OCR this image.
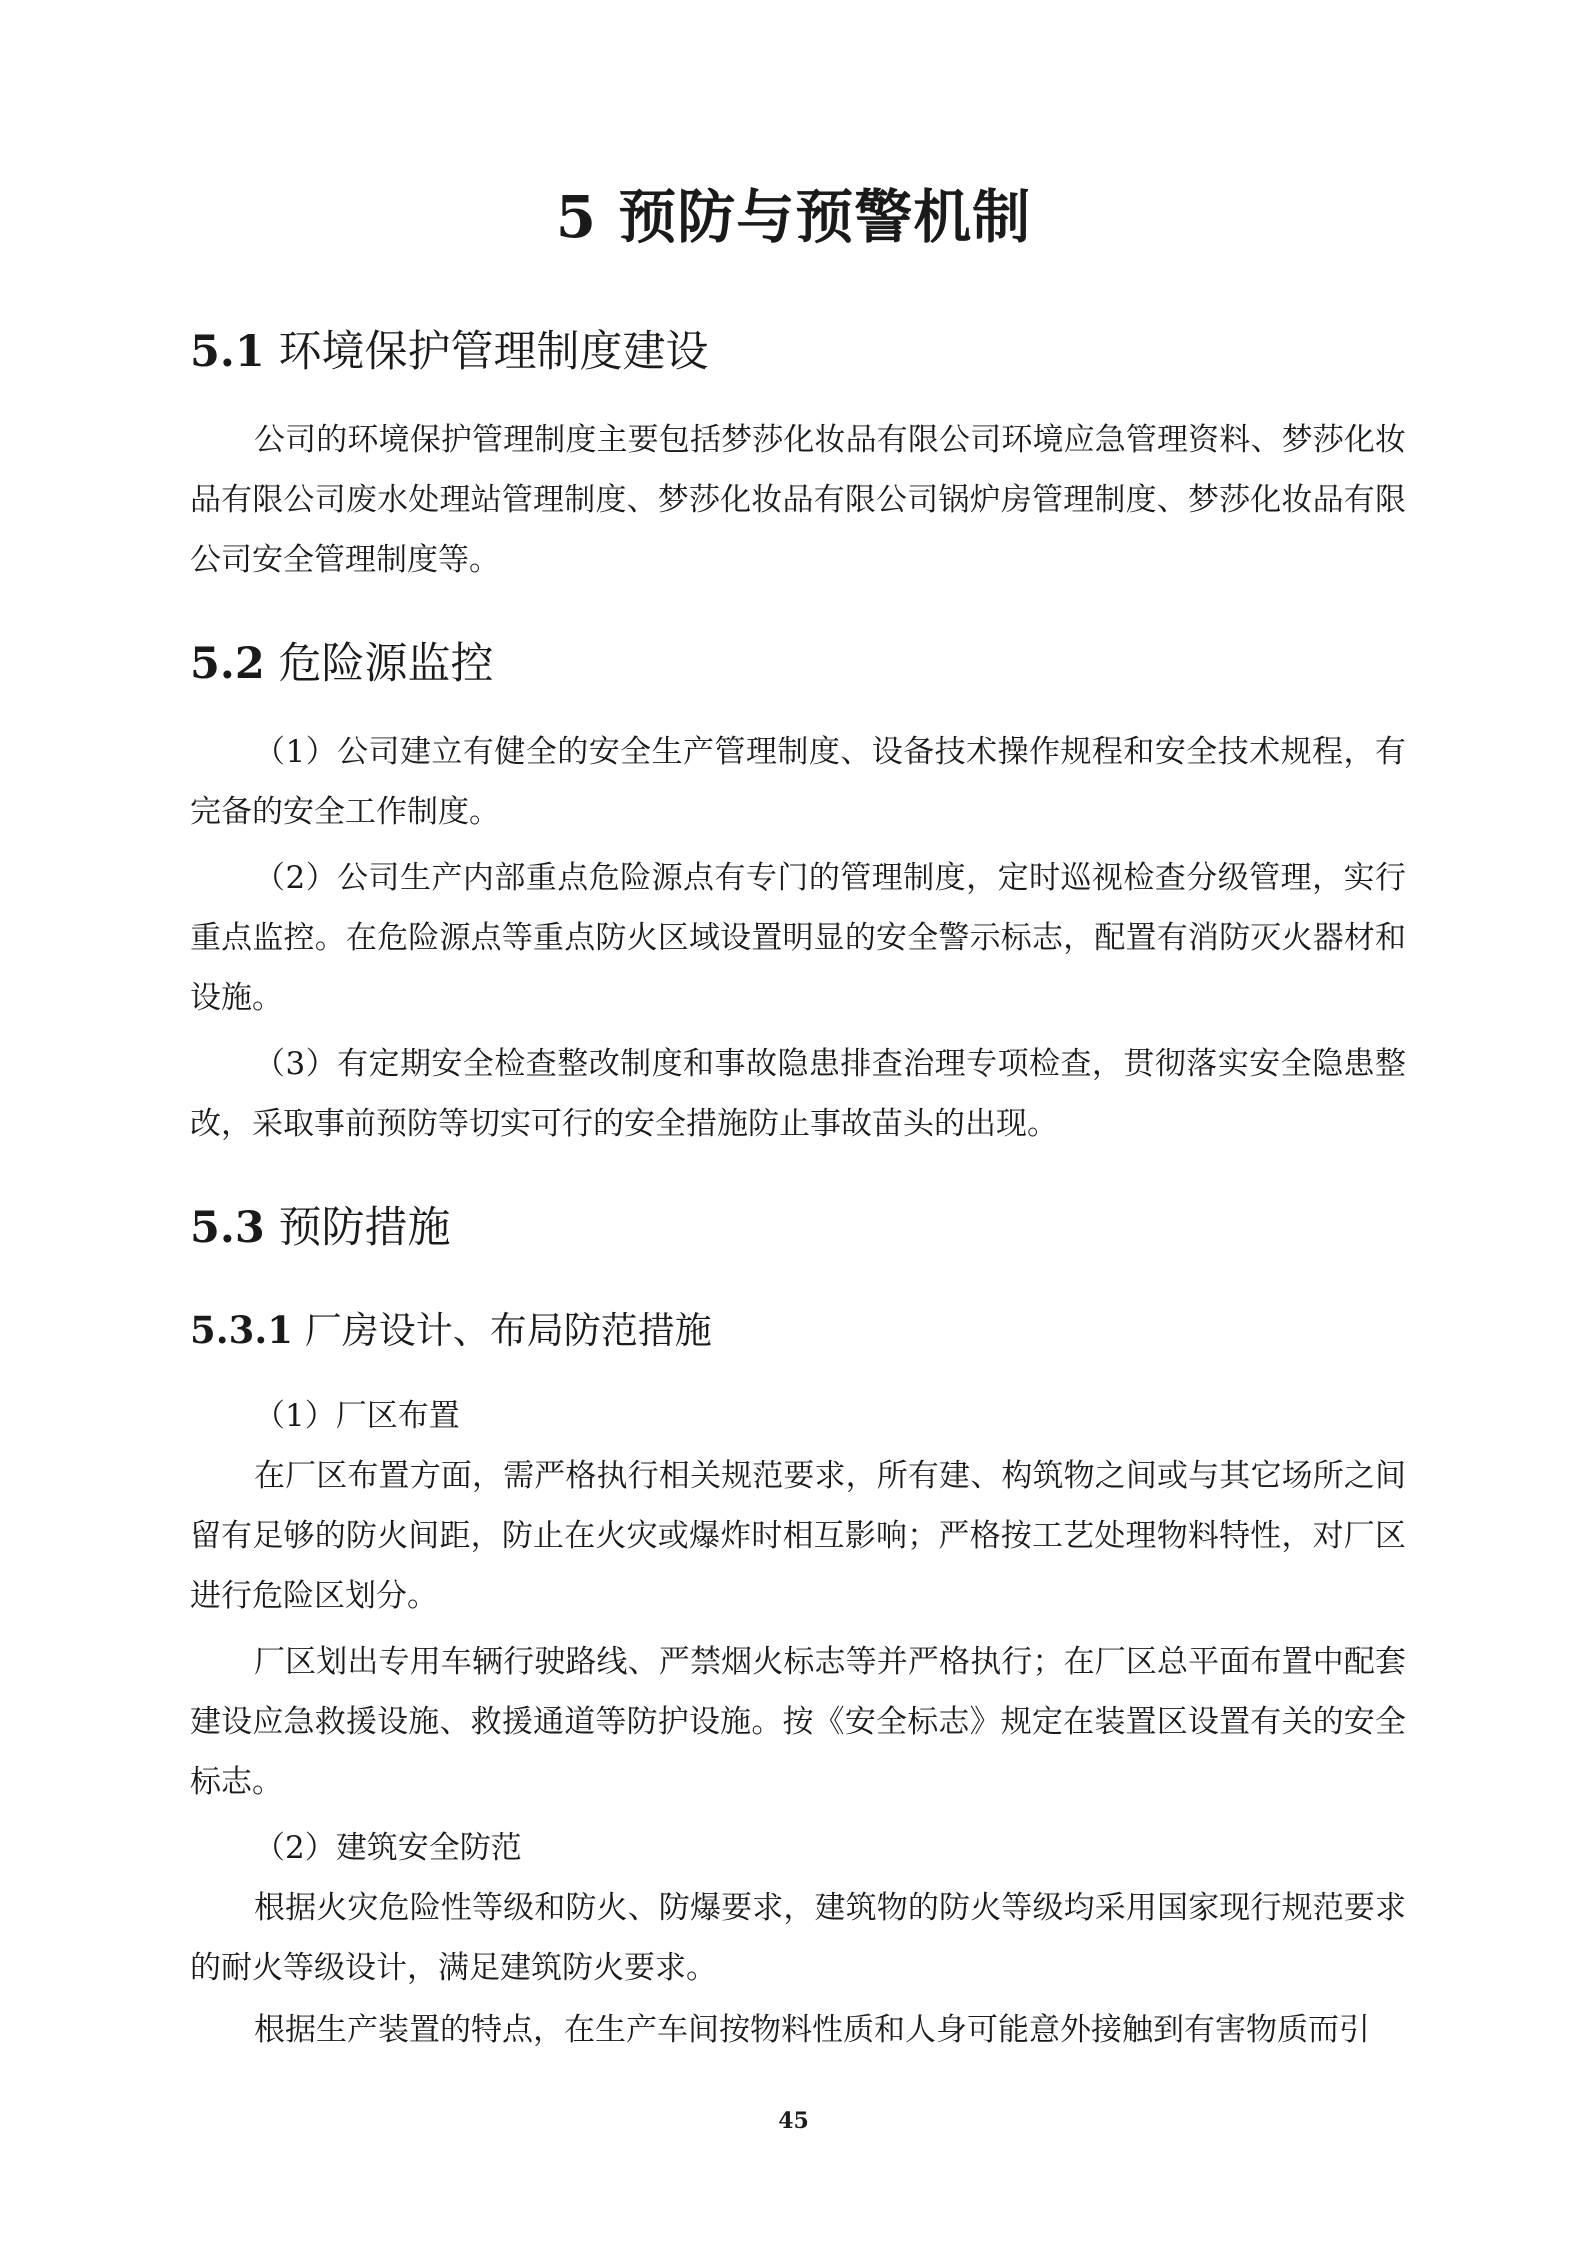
5 预防与预警机制
5.1 环境保护管理制度建设

公司的环境保护管理制度主要包括梦莎化妆品有限公司环境应急管理资料、梦莎化妆品有限公司废水处理站管理制度、梦莎化妆品有限公司锅炉房管理制度、梦莎化妆品有限公司安全管理制度等。

5.2 危险源监控

（1）公司建立有健全的安全生产管理制度、设备技术操作规程和安全技术规程，有完备的安全工作制度。

（2）公司生产内部重点危险源点有专门的管理制度，定时巡视检查分级管理，实行重点监控。在危险源点等重点防火区域设置明显的安全警示标志，配置有消防灭火器材和设施。

（3）有定期安全检查整改制度和事故隐患排查治理专项检查，贯彻落实安全隐患整改，采取事前预防等切实可行的安全措施防止事故苗头的出现。

5.3 预防措施
5.3.1 厂房设计、布局防范措施

（1）厂区布置

在厂区布置方面，需严格执行相关规范要求，所有建、构筑物之间或与其它场所之间留有足够的防火间距，防止在火灾或爆炸时相互影响；严格按工艺处理物料特性，对厂区进行危险区划分。

厂区划出专用车辆行驶路线、严禁烟火标志等并严格执行；在厂区总平面布置中配套建设应急救援设施、救援通道等防护设施。按《安全标志》规定在装置区设置有关的安全标志。

（2）建筑安全防范

根据火灾危险性等级和防火、防爆要求，建筑物的防火等级均采用国家现行规范要求的耐火等级设计，满足建筑防火要求。

根据生产装置的特点，在生产车间按物料性质和人身可能意外接触到有害物质而引

45
